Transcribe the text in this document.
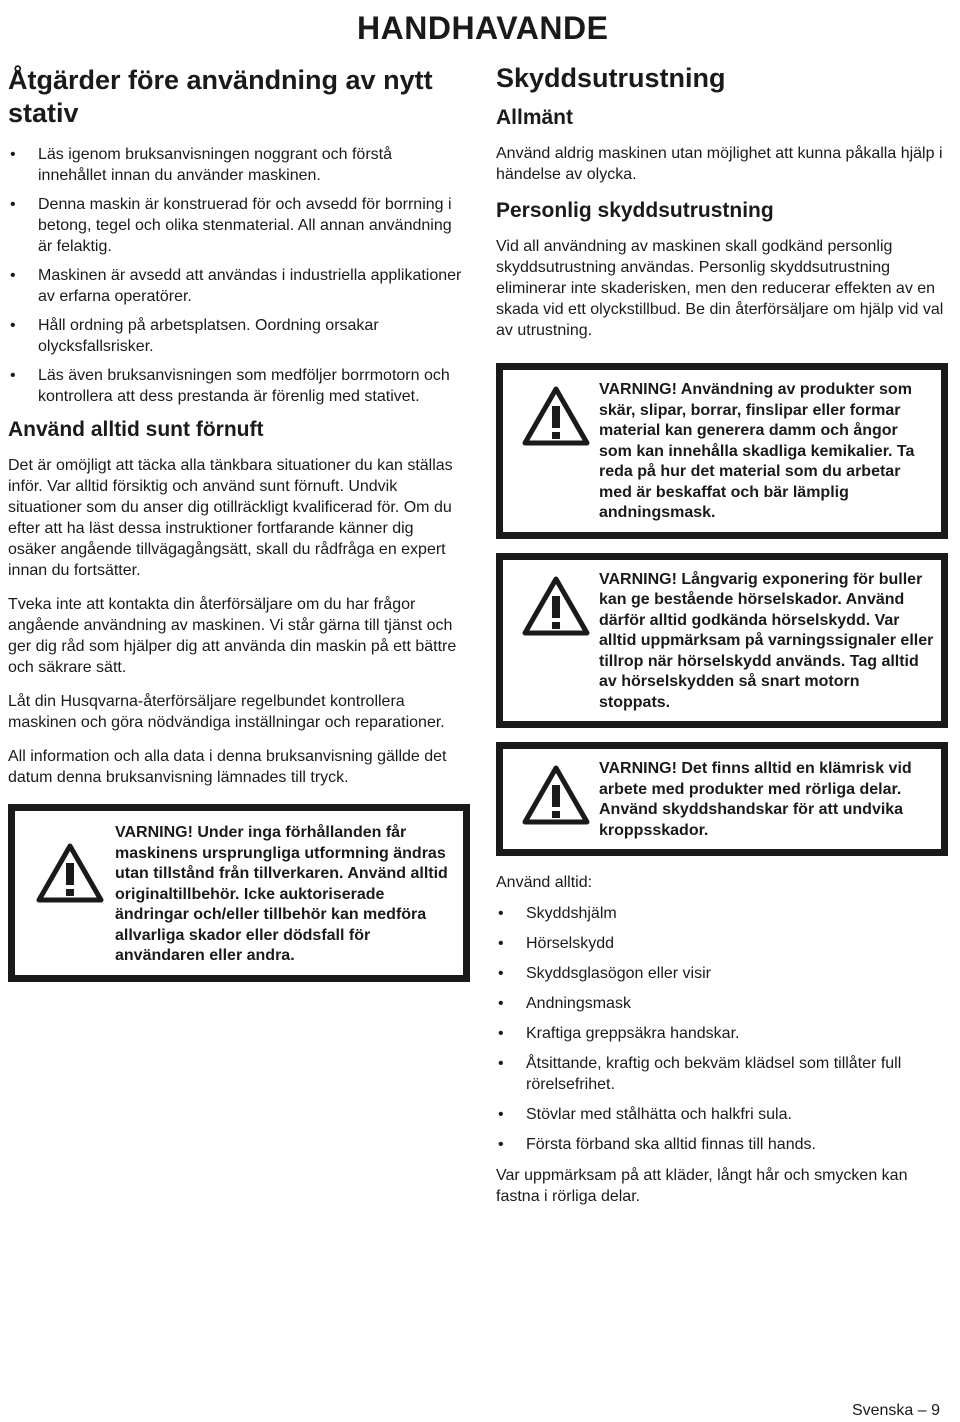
HANDHAVANDE
Åtgärder före användning av nytt stativ
• Läs igenom bruksanvisningen noggrant och förstå innehållet innan du använder maskinen.
• Denna maskin är konstruerad för och avsedd för borrning i betong, tegel och olika stenmaterial. All annan användning är felaktig.
• Maskinen är avsedd att användas i industriella applikationer av erfarna operatörer.
• Håll ordning på arbetsplatsen. Oordning orsakar olycksfallsrisker.
• Läs även bruksanvisningen som medföljer borrmotorn och kontrollera att dess prestanda är förenlig med stativet.
Använd alltid sunt förnuft

Det är omöjligt att täcka alla tänkbara situationer du kan ställas inför. Var alltid försiktig och använd sunt förnuft. Undvik situationer som du anser dig otillräckligt kvalificerad för. Om du efter att ha läst dessa instruktioner fortfarande känner dig osäker angående tillvägagångsätt, skall du rådfråga en expert innan du fortsätter.

Tveka inte att kontakta din återförsäljare om du har frågor angående användning av maskinen. Vi står gärna till tjänst och ger dig råd som hjälper dig att använda din maskin på ett bättre och säkrare sätt.

Låt din Husqvarna-återförsäljare regelbundet kontrollera maskinen och göra nödvändiga inställningar och reparationer.

All information och alla data i denna bruksanvisning gällde det datum denna bruksanvisning lämnades till tryck.

VARNING! Under inga förhållanden får maskinens ursprungliga utformning ändras utan tillstånd från tillverkaren. Använd alltid originaltillbehör. Icke auktoriserade ändringar och/eller tillbehör kan medföra allvarliga skador eller dödsfall för användaren eller andra.
Skyddsutrustning
Allmänt

Använd aldrig maskinen utan möjlighet att kunna påkalla hjälp i händelse av olycka.

Personlig skyddsutrustning

Vid all användning av maskinen skall godkänd personlig skyddsutrustning användas. Personlig skyddsutrustning eliminerar inte skaderisken, men den reducerar effekten av en skada vid ett olyckstillbud. Be din återförsäljare om hjälp vid val av utrustning.

VARNING! Användning av produkter som skär, slipar, borrar, finslipar eller formar material kan generera damm och ångor som kan innehålla skadliga kemikalier. Ta reda på hur det material som du arbetar med är beskaffat och bär lämplig andningsmask.
VARNING! Långvarig exponering för buller kan ge bestående hörselskador. Använd därför alltid godkända hörselskydd. Var alltid uppmärksam på varningssignaler eller tillrop när hörselskydd används. Tag alltid av hörselskydden så snart motorn stoppats.
VARNING! Det finns alltid en klämrisk vid arbete med produkter med rörliga delar. Använd skyddshandskar för att undvika kroppsskador.

Använd alltid:

• Skyddshjälm
• Hörselskydd
• Skyddsglasögon eller visir
• Andningsmask
• Kraftiga greppsäkra handskar.
• Åtsittande, kraftig och bekväm klädsel som tillåter full rörelsefrihet.
• Stövlar med stålhätta och halkfri sula.
• Första förband ska alltid finnas till hands.

Var uppmärksam på att kläder, långt hår och smycken kan fastna i rörliga delar.

Svenska – 9
